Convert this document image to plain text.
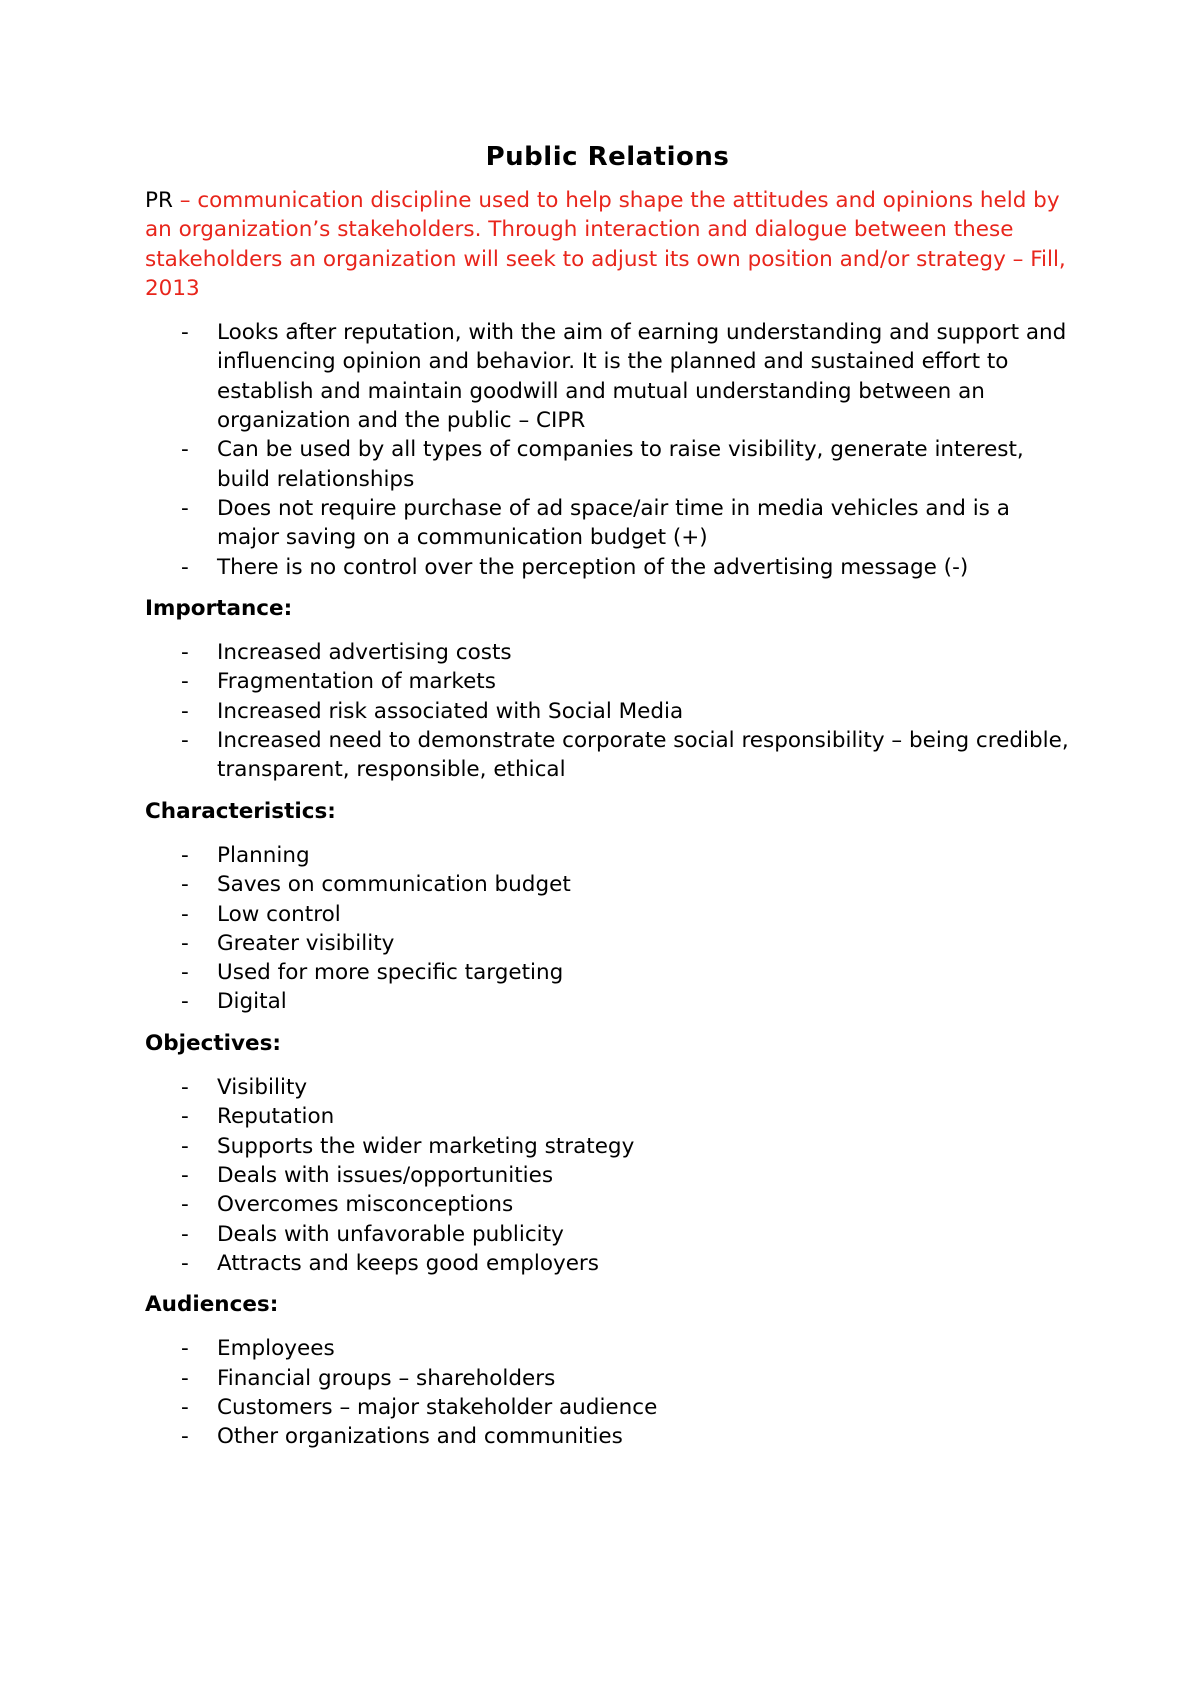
Public Relations

PR – communication discipline used to help shape the attitudes and opinions held by an organization’s stakeholders. Through interaction and dialogue between these stakeholders an organization will seek to adjust its own position and/or strategy – Fill, 2013

- Looks after reputation, with the aim of earning understanding and support and influencing opinion and behavior. It is the planned and sustained effort to establish and maintain goodwill and mutual understanding between an organization and the public – CIPR
- Can be used by all types of companies to raise visibility, generate interest, build relationships
- Does not require purchase of ad space/air time in media vehicles and is a major saving on a communication budget (+)
- There is no control over the perception of the advertising message (-)
Importance:
- Increased advertising costs
- Fragmentation of markets
- Increased risk associated with Social Media
- Increased need to demonstrate corporate social responsibility – being credible, transparent, responsible, ethical
Characteristics:
- Planning
- Saves on communication budget
- Low control
- Greater visibility
- Used for more specific targeting
- Digital
Objectives:
- Visibility
- Reputation
- Supports the wider marketing strategy
- Deals with issues/opportunities
- Overcomes misconceptions
- Deals with unfavorable publicity
- Attracts and keeps good employers
Audiences:
- Employees
- Financial groups – shareholders
- Customers – major stakeholder audience
- Other organizations and communities
